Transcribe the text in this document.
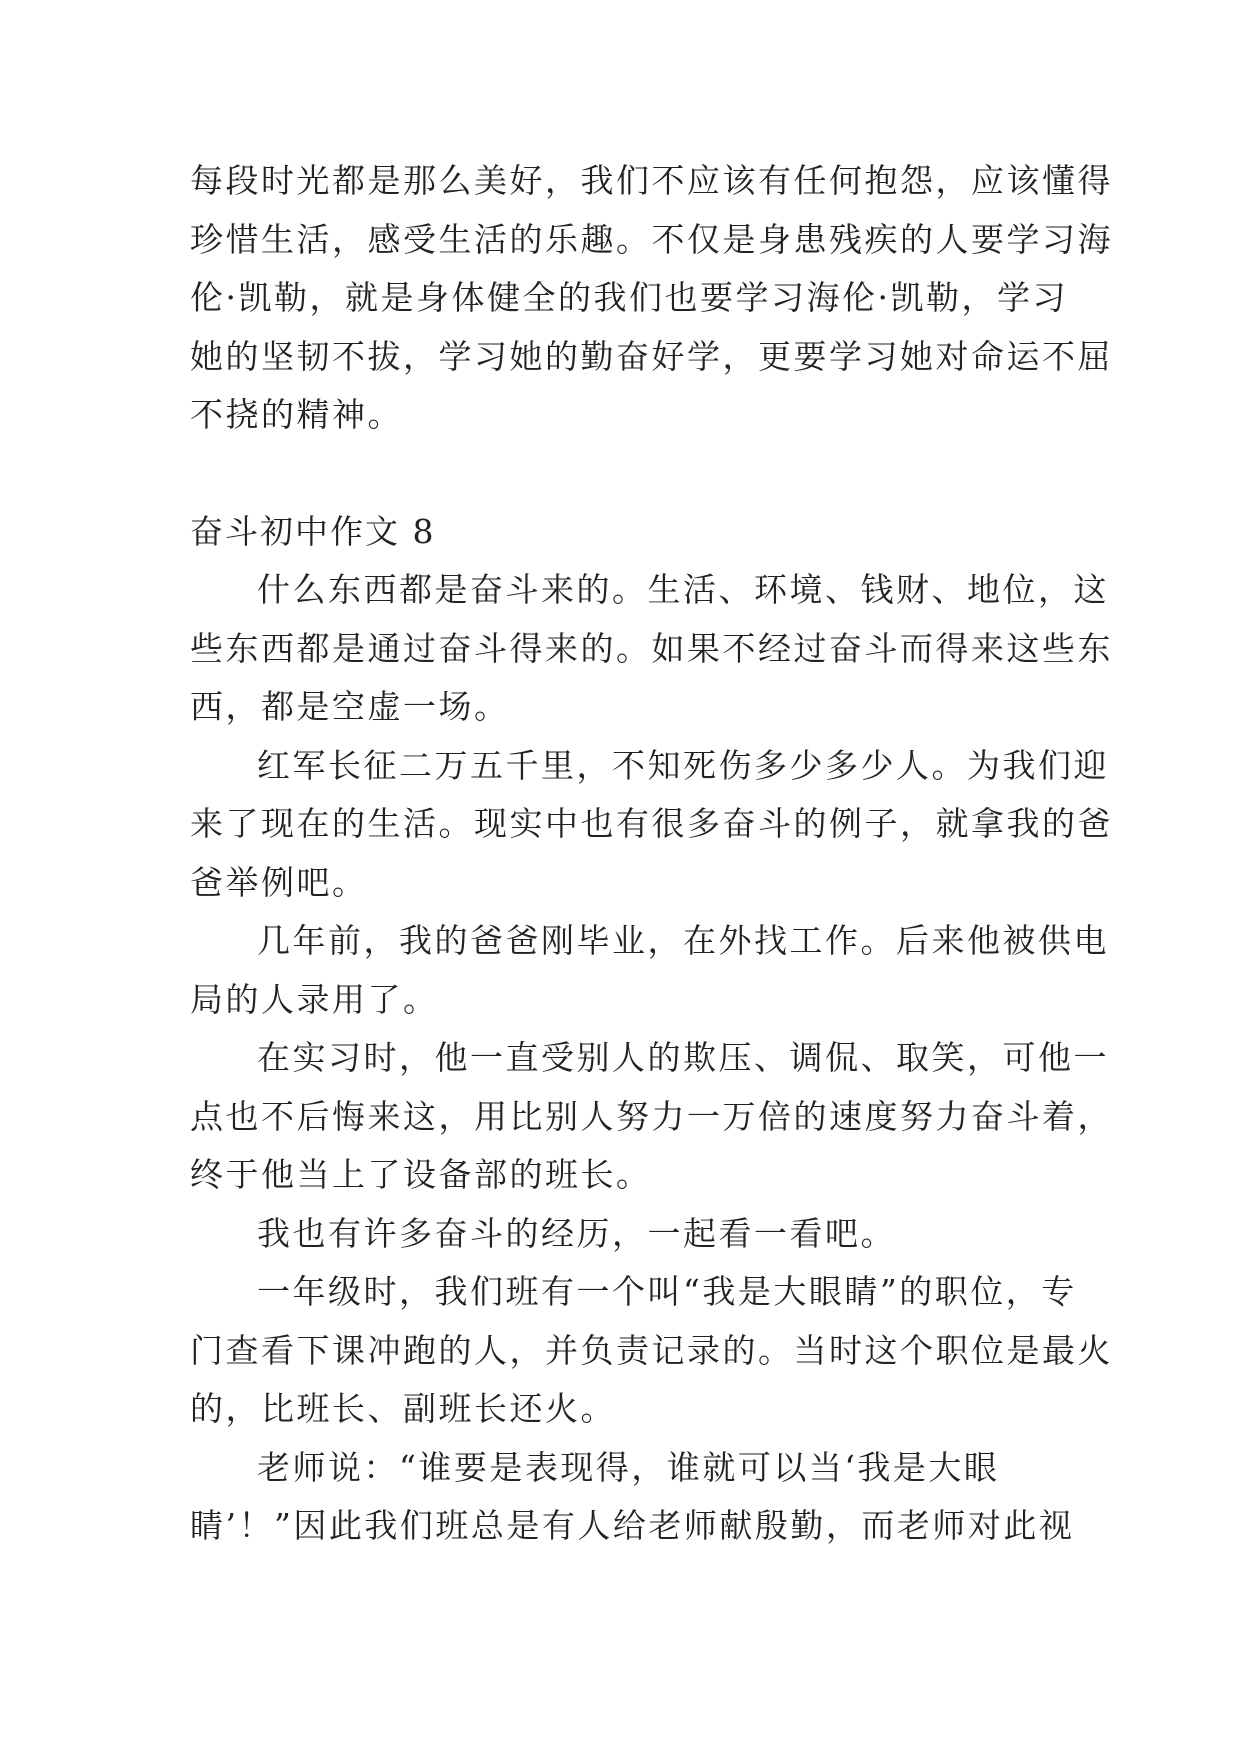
每段时光都是那么美好，我们不应该有任何抱怨，应该懂得
珍惜生活，感受生活的乐趣。不仅是身患残疾的人要学习海
伦·凯勒，就是身体健全的我们也要学习海伦·凯勒，学习
她的坚韧不拔，学习她的勤奋好学，更要学习她对命运不屈
不挠的精神。
奋斗初中作文 8
什么东西都是奋斗来的。生活、环境、钱财、地位，这
些东西都是通过奋斗得来的。如果不经过奋斗而得来这些东
西，都是空虚一场。
红军长征二万五千里，不知死伤多少多少人。为我们迎
来了现在的生活。现实中也有很多奋斗的例子，就拿我的爸
爸举例吧。
几年前，我的爸爸刚毕业，在外找工作。后来他被供电
局的人录用了。
在实习时，他一直受别人的欺压、调侃、取笑，可他一
点也不后悔来这，用比别人努力一万倍的速度努力奋斗着，
终于他当上了设备部的班长。
我也有许多奋斗的经历，一起看一看吧。
一年级时，我们班有一个叫“我是大眼睛”的职位，专
门查看下课冲跑的人，并负责记录的。当时这个职位是最火
的，比班长、副班长还火。
老师说：“谁要是表现得，谁就可以当‘我是大眼
睛’！”因此我们班总是有人给老师献殷勤，而老师对此视
